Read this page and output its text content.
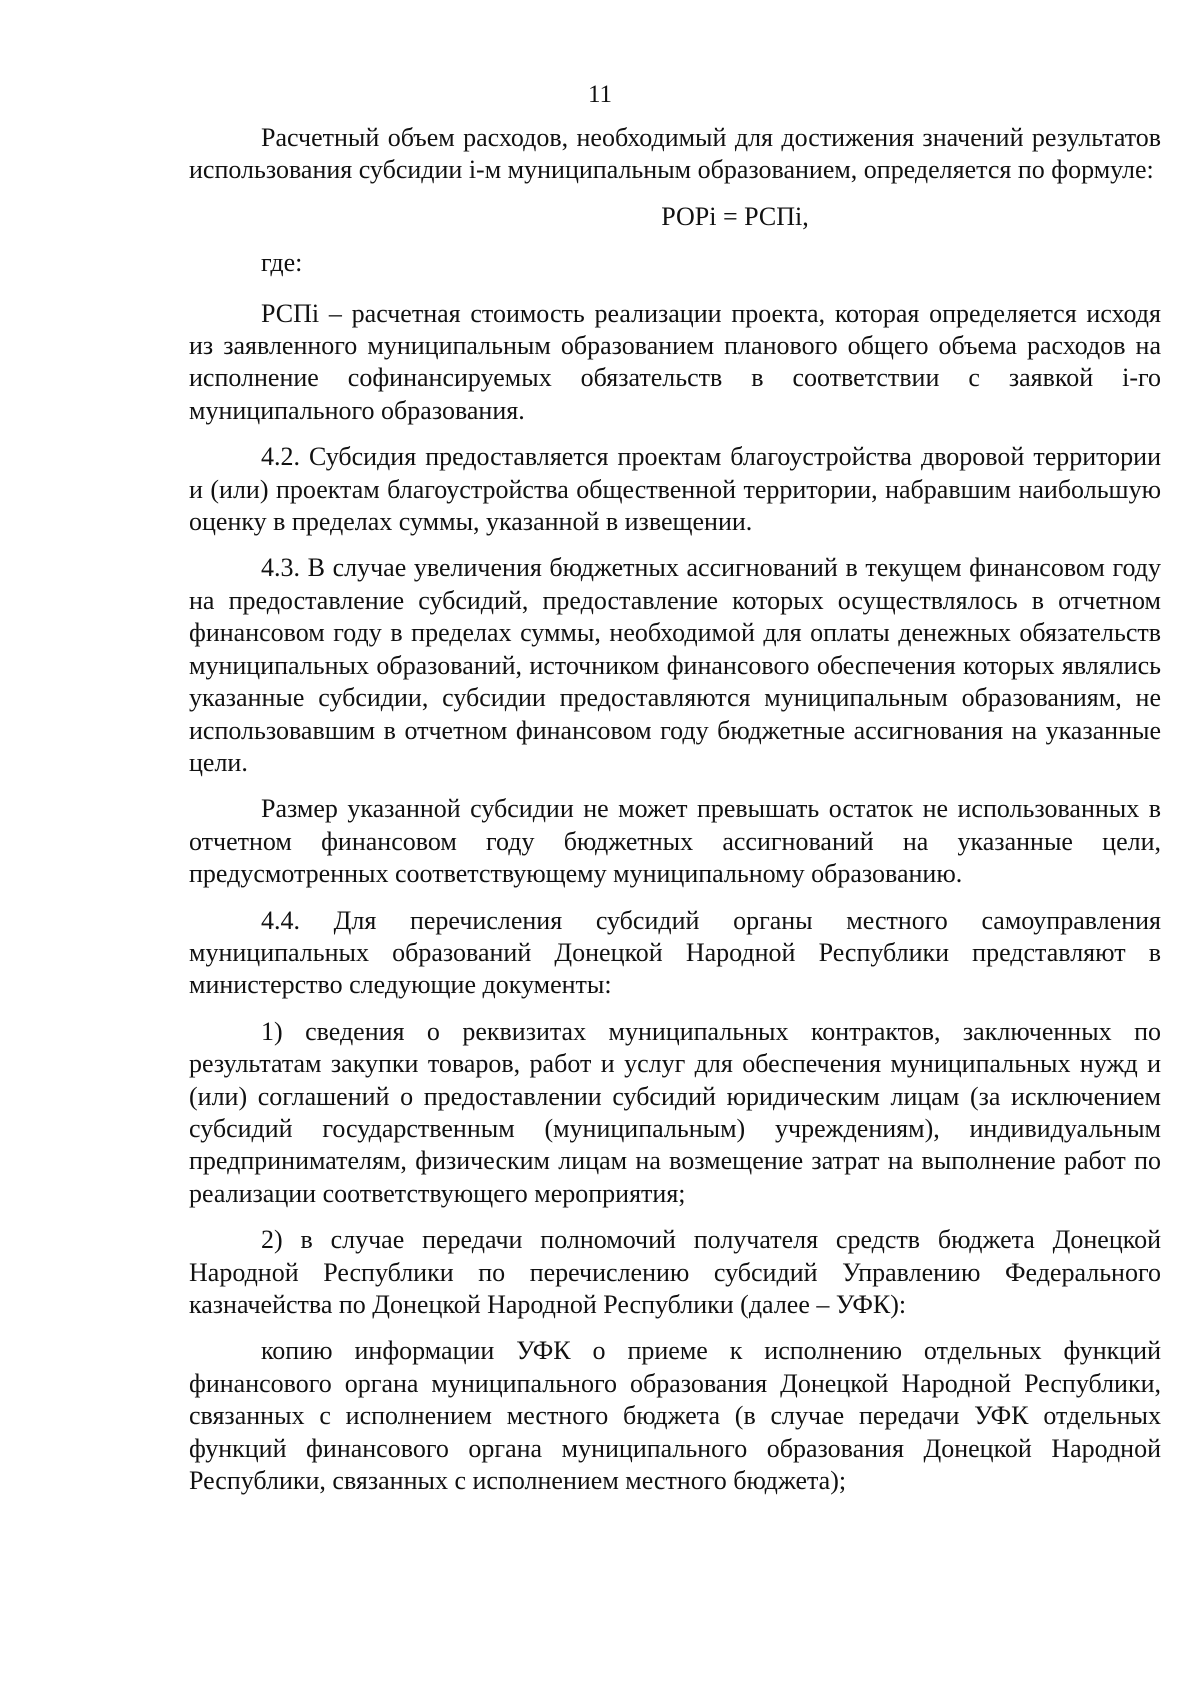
11

Расчетный объем расходов, необходимый для достижения значений результатов использования субсидии i-м муниципальным образованием, определяется по формуле:

РОРi = РСПi,

где:

РСПi – расчетная стоимость реализации проекта, которая определяется исходя из заявленного муниципальным образованием планового общего объема расходов на исполнение софинансируемых обязательств в соответствии с заявкой i-го муниципального образования.

4.2. Субсидия предоставляется проектам благоустройства дворовой территории и (или) проектам благоустройства общественной территории, набравшим наибольшую оценку в пределах суммы, указанной в извещении.

4.3. В случае увеличения бюджетных ассигнований в текущем финансовом году на предоставление субсидий, предоставление которых осуществлялось в отчетном финансовом году в пределах суммы, необходимой для оплаты денежных обязательств муниципальных образований, источником финансового обеспечения которых являлись указанные субсидии, субсидии предоставляются муниципальным образованиям, не использовавшим в отчетном финансовом году бюджетные ассигнования на указанные цели.

Размер указанной субсидии не может превышать остаток не использованных в отчетном финансовом году бюджетных ассигнований на указанные цели, предусмотренных соответствующему муниципальному образованию.

4.4. Для перечисления субсидий органы местного самоуправления муниципальных образований Донецкой Народной Республики представляют в министерство следующие документы:

1) сведения о реквизитах муниципальных контрактов, заключенных по результатам закупки товаров, работ и услуг для обеспечения муниципальных нужд и (или) соглашений о предоставлении субсидий юридическим лицам (за исключением субсидий государственным (муниципальным) учреждениям), индивидуальным предпринимателям, физическим лицам на возмещение затрат на выполнение работ по реализации соответствующего мероприятия;

2) в случае передачи полномочий получателя средств бюджета Донецкой Народной Республики по перечислению субсидий Управлению Федерального казначейства по Донецкой Народной Республики (далее – УФК):

копию информации УФК о приеме к исполнению отдельных функций финансового органа муниципального образования Донецкой Народной Республики, связанных с исполнением местного бюджета (в случае передачи УФК отдельных функций финансового органа муниципального образования Донецкой Народной Республики, связанных с исполнением местного бюджета);
